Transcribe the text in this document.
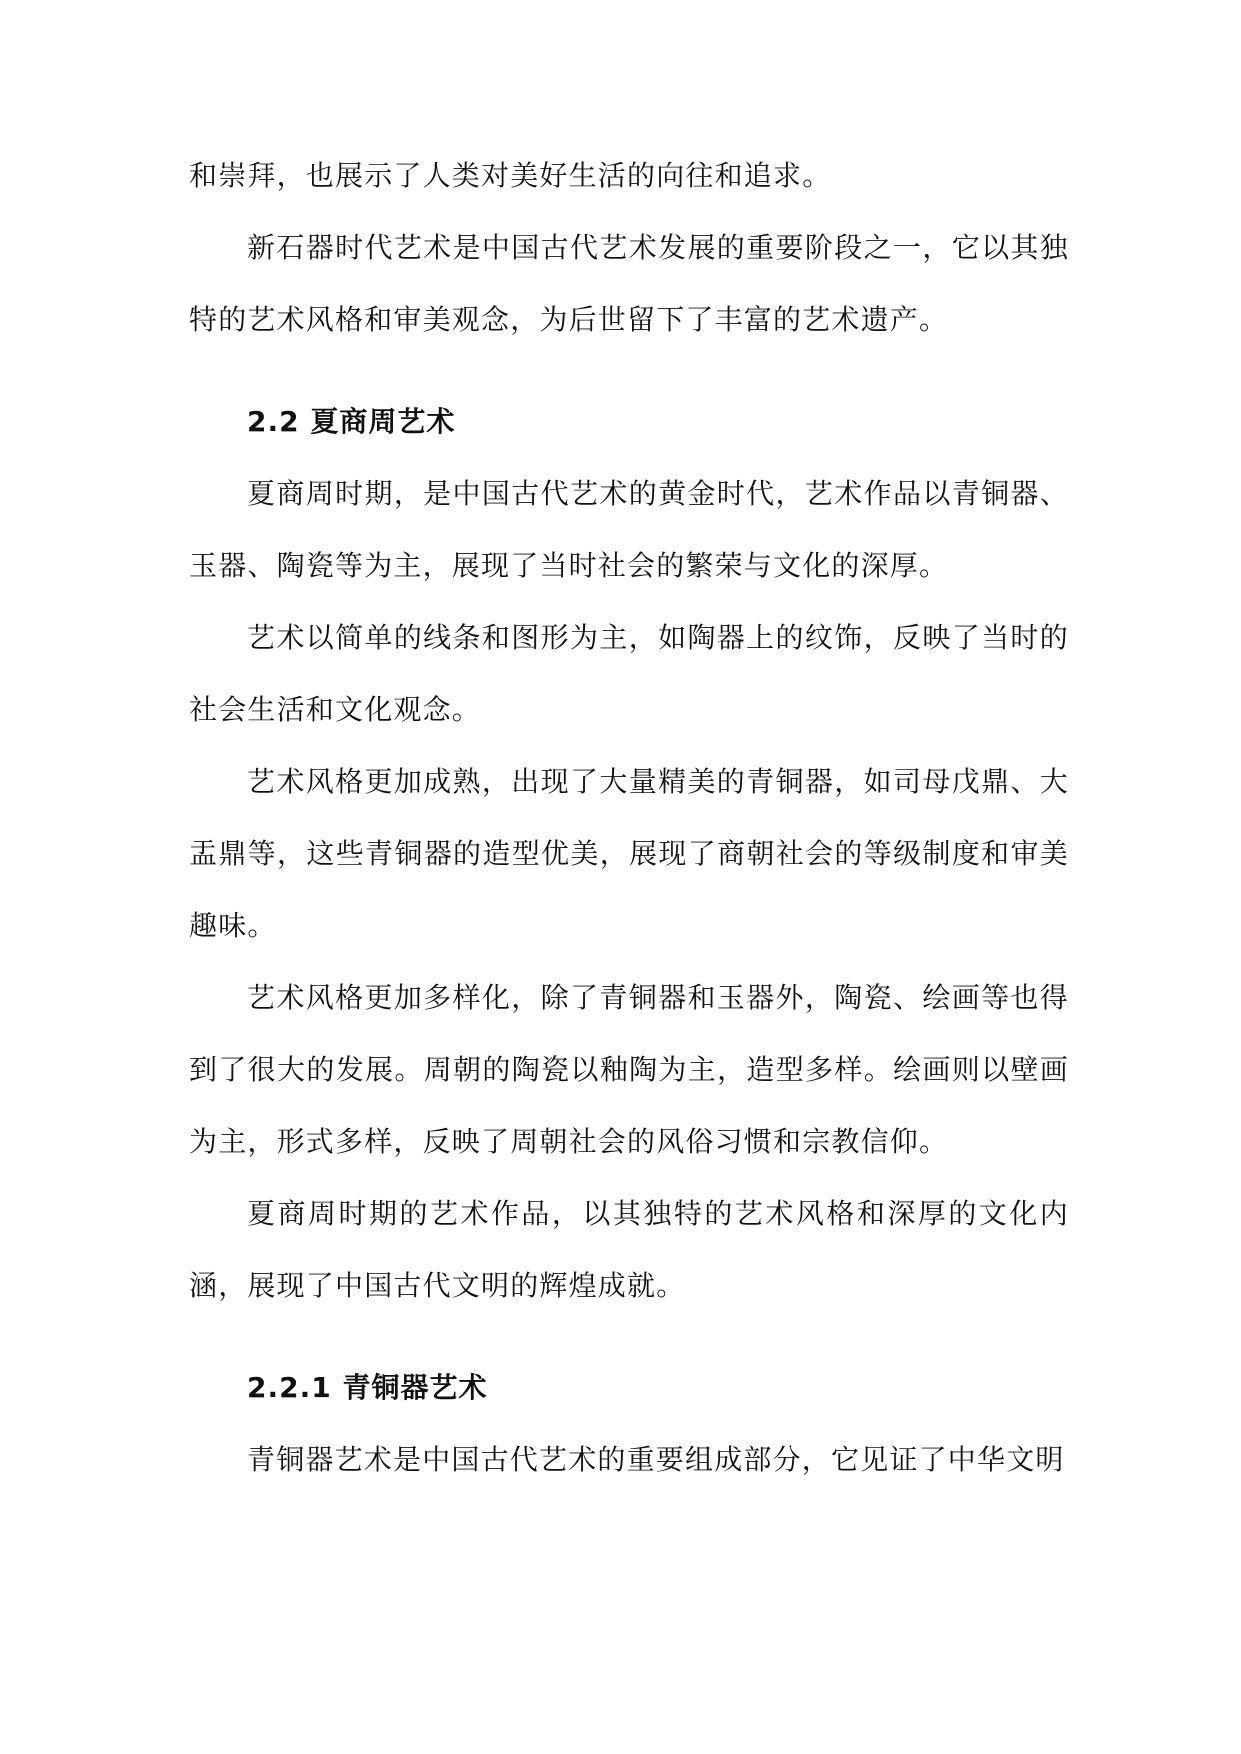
和崇拜，也展示了人类对美好生活的向往和追求。

新石器时代艺术是中国古代艺术发展的重要阶段之一，它以其独特的艺术风格和审美观念，为后世留下了丰富的艺术遗产。

2.2 夏商周艺术

夏商周时期，是中国古代艺术的黄金时代，艺术作品以青铜器、玉器、陶瓷等为主，展现了当时社会的繁荣与文化的深厚。

艺术以简单的线条和图形为主，如陶器上的纹饰，反映了当时的社会生活和文化观念。

艺术风格更加成熟，出现了大量精美的青铜器，如司母戊鼎、大盂鼎等，这些青铜器的造型优美，展现了商朝社会的等级制度和审美趣味。

艺术风格更加多样化，除了青铜器和玉器外，陶瓷、绘画等也得到了很大的发展。周朝的陶瓷以釉陶为主，造型多样。绘画则以壁画为主，形式多样，反映了周朝社会的风俗习惯和宗教信仰。

夏商周时期的艺术作品，以其独特的艺术风格和深厚的文化内涵，展现了中国古代文明的辉煌成就。

2.2.1 青铜器艺术

青铜器艺术是中国古代艺术的重要组成部分，它见证了中华文明
